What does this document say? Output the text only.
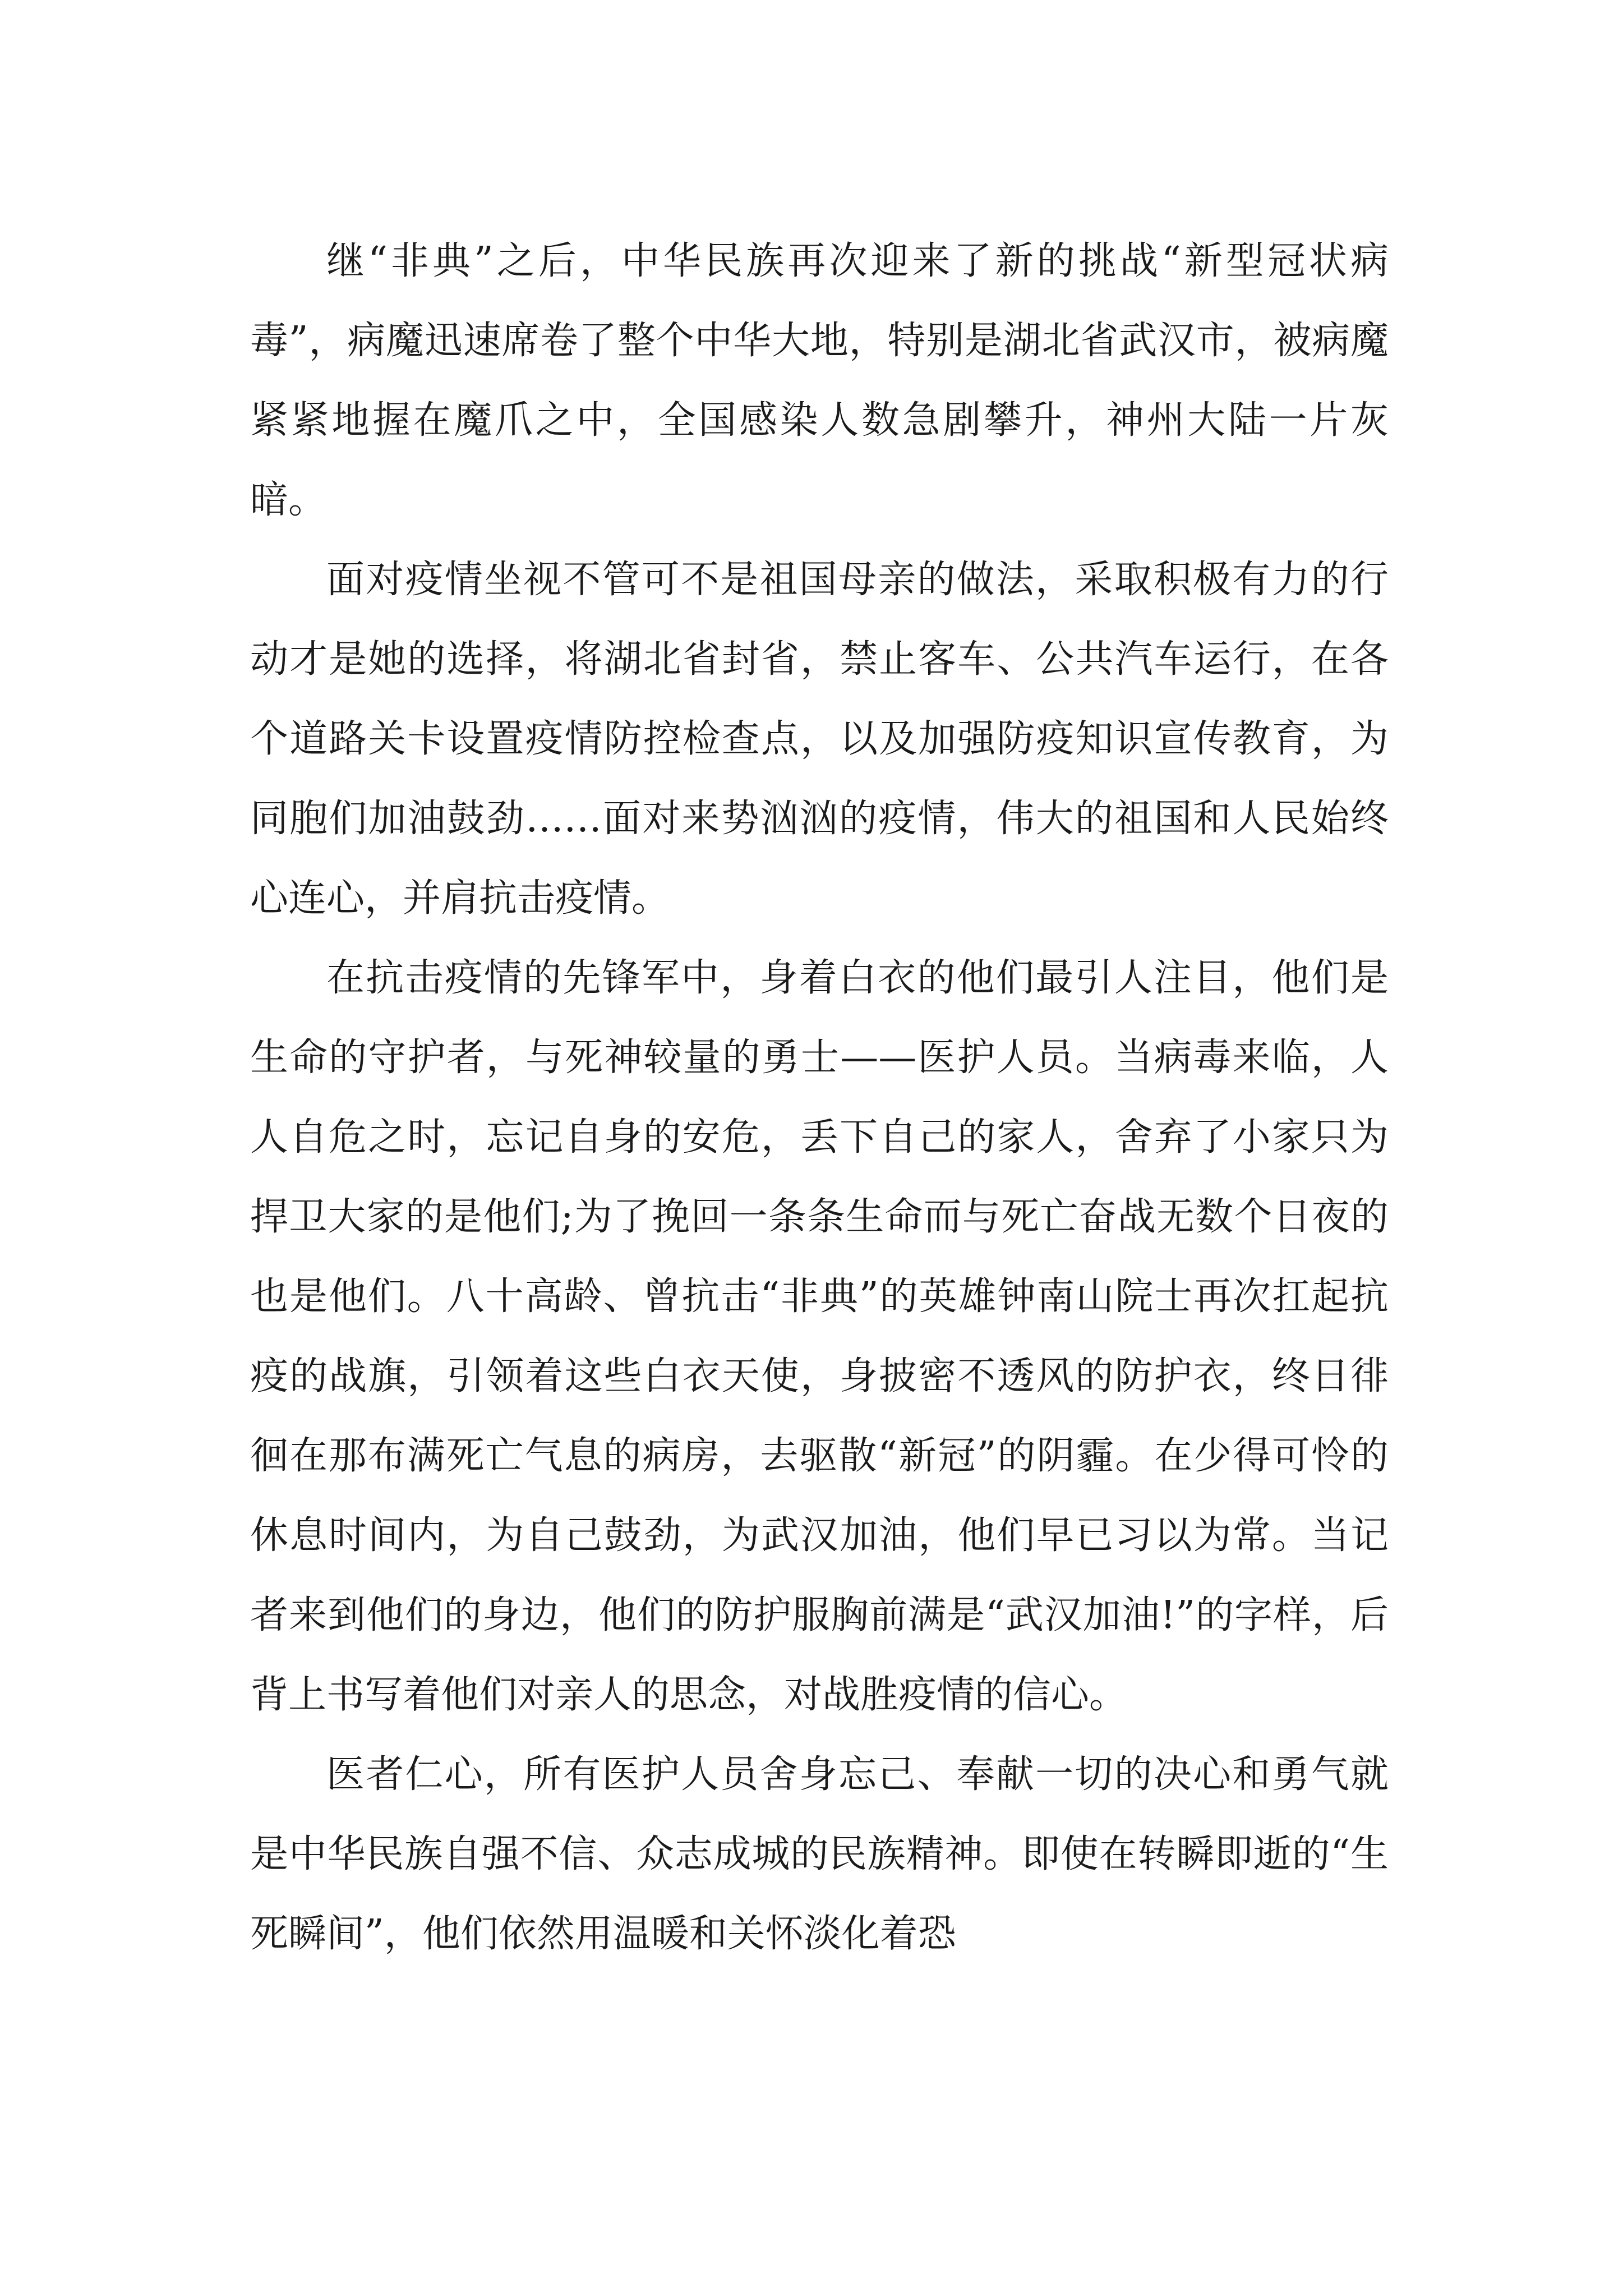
继“非典”之后，中华民族再次迎来了新的挑战“新型冠状病毒”，病魔迅速席卷了整个中华大地，特别是湖北省武汉市，被病魔紧紧地握在魔爪之中，全国感染人数急剧攀升，神州大陆一片灰暗。

面对疫情坐视不管可不是祖国母亲的做法，采取积极有力的行动才是她的选择，将湖北省封省，禁止客车、公共汽车运行，在各个道路关卡设置疫情防控检查点，以及加强防疫知识宣传教育，为同胞们加油鼓劲……面对来势汹汹的疫情，伟大的祖国和人民始终心连心，并肩抗击疫情。

在抗击疫情的先锋军中，身着白衣的他们最引人注目，他们是生命的守护者，与死神较量的勇士——医护人员。当病毒来临，人人自危之时，忘记自身的安危，丢下自己的家人，舍弃了小家只为捍卫大家的是他们;为了挽回一条条生命而与死亡奋战无数个日夜的也是他们。八十高龄、曾抗击“非典”的英雄钟南山院士再次扛起抗疫的战旗，引领着这些白衣天使，身披密不透风的防护衣，终日徘徊在那布满死亡气息的病房，去驱散“新冠”的阴霾。在少得可怜的休息时间内，为自己鼓劲，为武汉加油，他们早已习以为常。当记者来到他们的身边，他们的防护服胸前满是“武汉加油!”的字样，后背上书写着他们对亲人的思念，对战胜疫情的信心。

医者仁心，所有医护人员舍身忘己、奉献一切的决心和勇气就是中华民族自强不信、众志成城的民族精神。即使在转瞬即逝的“生死瞬间”，他们依然用温暖和关怀淡化着恐
